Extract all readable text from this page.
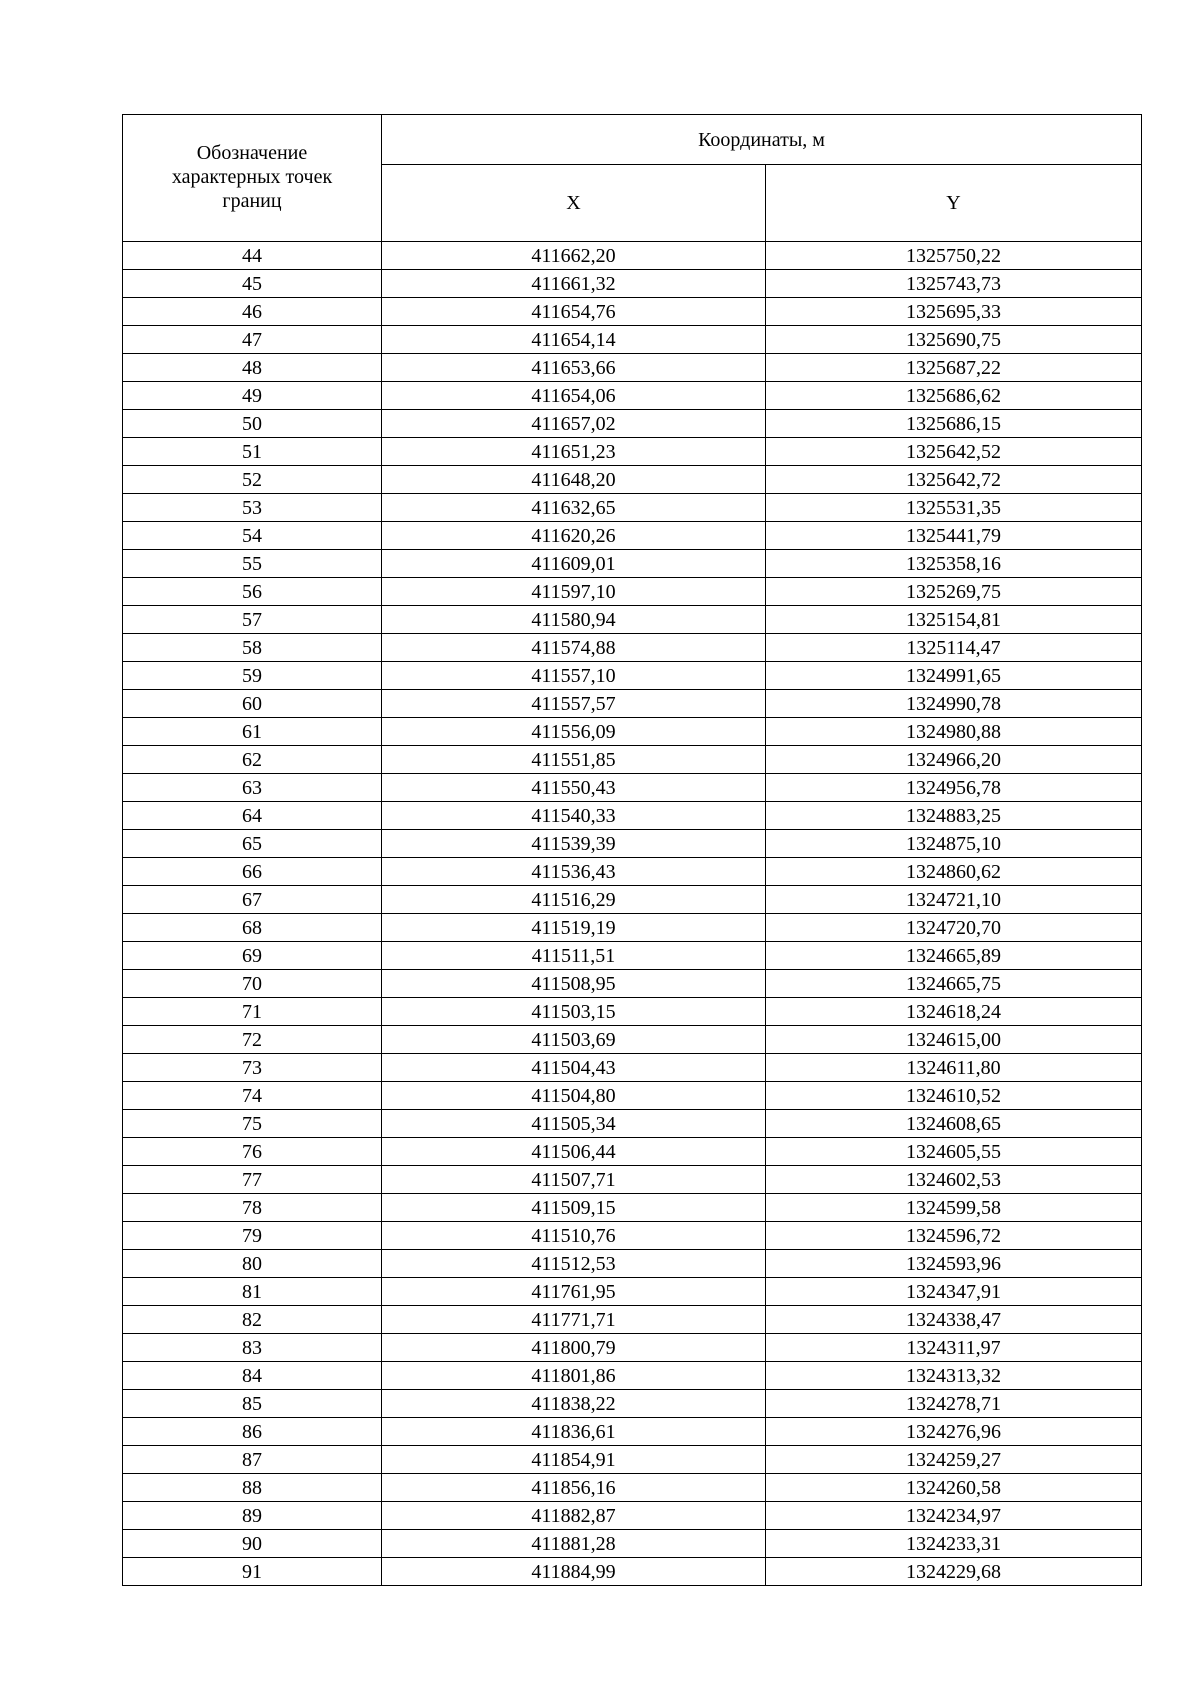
Обозначение
характерных точек
границ	Координаты, м	
	X	Y
44	411662,20	1325750,22
45	411661,32	1325743,73
46	411654,76	1325695,33
47	411654,14	1325690,75
48	411653,66	1325687,22
49	411654,06	1325686,62
50	411657,02	1325686,15
51	411651,23	1325642,52
52	411648,20	1325642,72
53	411632,65	1325531,35
54	411620,26	1325441,79
55	411609,01	1325358,16
56	411597,10	1325269,75
57	411580,94	1325154,81
58	411574,88	1325114,47
59	411557,10	1324991,65
60	411557,57	1324990,78
61	411556,09	1324980,88
62	411551,85	1324966,20
63	411550,43	1324956,78
64	411540,33	1324883,25
65	411539,39	1324875,10
66	411536,43	1324860,62
67	411516,29	1324721,10
68	411519,19	1324720,70
69	411511,51	1324665,89
70	411508,95	1324665,75
71	411503,15	1324618,24
72	411503,69	1324615,00
73	411504,43	1324611,80
74	411504,80	1324610,52
75	411505,34	1324608,65
76	411506,44	1324605,55
77	411507,71	1324602,53
78	411509,15	1324599,58
79	411510,76	1324596,72
80	411512,53	1324593,96
81	411761,95	1324347,91
82	411771,71	1324338,47
83	411800,79	1324311,97
84	411801,86	1324313,32
85	411838,22	1324278,71
86	411836,61	1324276,96
87	411854,91	1324259,27
88	411856,16	1324260,58
89	411882,87	1324234,97
90	411881,28	1324233,31
91	411884,99	1324229,68
